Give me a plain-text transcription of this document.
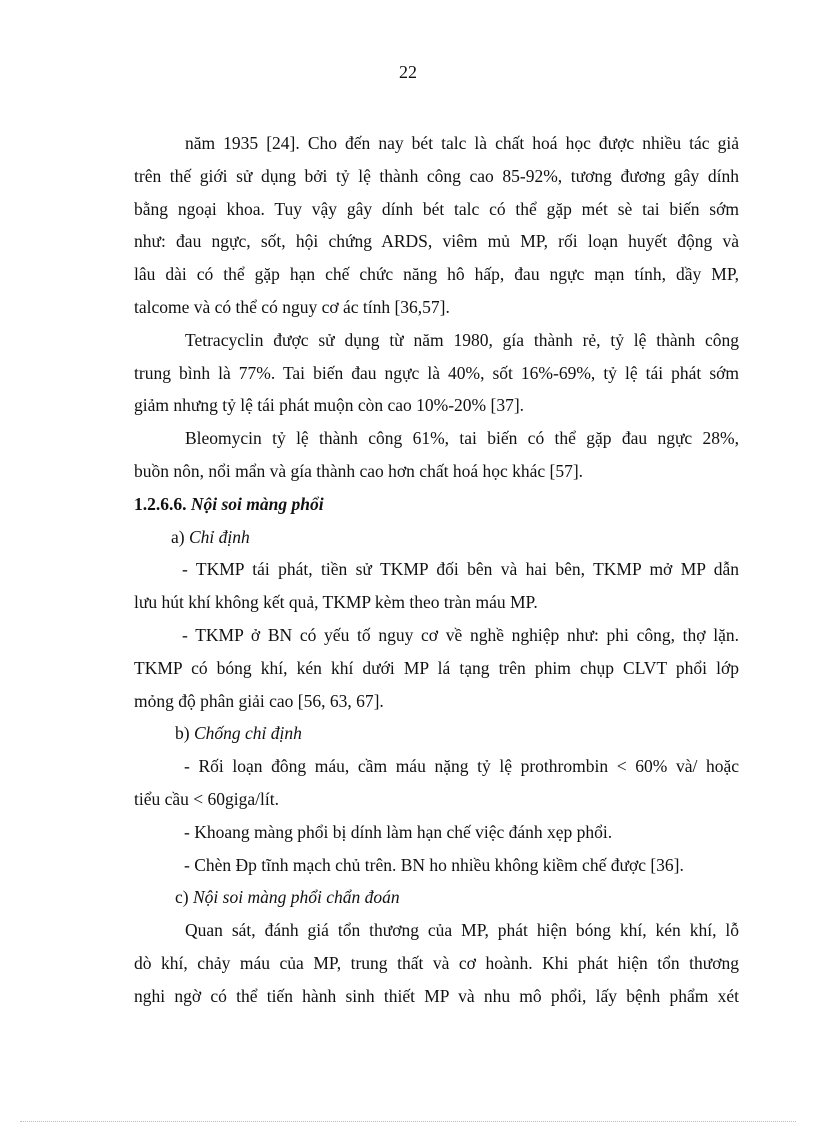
22
năm 1935 [24]. Cho đến nay bét talc là chất hoá học được nhiều tác giả
trên thế giới sử dụng bởi tỷ lệ thành công cao 85-92%, tương đương gây dính
bằng ngoại khoa. Tuy vậy gây dính bét talc có thể gặp mét sè tai biến sớm
như: đau ngực, sốt, hội chứng ARDS, viêm mủ MP, rối loạn huyết động và
lâu dài có thể gặp hạn chế chức năng hô hấp, đau ngực mạn tính, dầy MP,
talcome và có thể có nguy cơ ác tính [36,57].
Tetracyclin được sử dụng từ năm 1980, gía thành rẻ, tỷ lệ thành công
trung bình là 77%. Tai biến đau ngực là 40%, sốt 16%-69%, tỷ lệ tái phát sớm
giảm nhưng tỷ lệ tái phát muộn còn cao 10%-20% [37].
Bleomycin tỷ lệ thành công 61%, tai biến có thể gặp đau ngực 28%,
buồn nôn, nổi mẩn và gía thành cao hơn chất hoá học khác [57].
1.2.6.6. Nội soi màng phổi
a) Chỉ định
- TKMP tái phát, tiền sử TKMP đối bên và hai bên, TKMP mở MP dẫn
lưu hút khí không kết quả, TKMP kèm theo tràn máu MP.
- TKMP ở BN có yếu tố nguy cơ về nghề nghiệp như: phi công, thợ lặn.
TKMP có bóng khí, kén khí dưới MP lá tạng trên phim chụp CLVT phổi lớp
mỏng độ phân giải cao [56, 63, 67].
b) Chống chỉ định
- Rối loạn đông máu, cầm máu nặng tỷ lệ prothrombin < 60% và/ hoặc
tiểu cầu < 60giga/lít.
- Khoang màng phổi bị dính làm hạn chế việc đánh xẹp phổi.
- Chèn Ðp tĩnh mạch chủ trên. BN ho nhiều không kiềm chế được [36].
c) Nội soi màng phổi chẩn đoán
Quan sát, đánh giá tổn thương của MP, phát hiện bóng khí, kén khí, lỗ
dò khí, chảy máu của MP, trung thất và cơ hoành. Khi phát hiện tổn thương
nghi ngờ có thể tiến hành sinh thiết MP và nhu mô phổi, lấy bệnh phẩm xét
